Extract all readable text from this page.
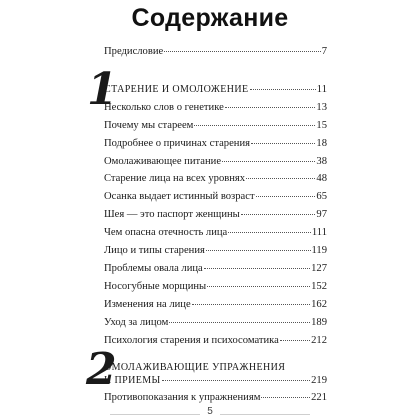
Содержание
Предисловие	7
1
СТАРЕНИЕ И ОМОЛОЖЕНИЕ	11
Несколько слов о генетике	13
Почему мы стареем	15
Подробнее о причинах старения	18
Омолаживающее питание	38
Старение лица на всех уровнях	48
Осанка выдает истинный возраст	65
Шея — это паспорт женщины	97
Чем опасна отечность лица	111
Лицо и типы старения	119
Проблемы овала лица	127
Носогубные морщины	152
Изменения на лице	162
Уход за лицом	189
Психология старения и психосоматика	212
2
ОМОЛАЖИВАЮЩИЕ УПРАЖНЕНИЯ
И ПРИЕМЫ	219
Противопоказания к упражнениям	221
5
